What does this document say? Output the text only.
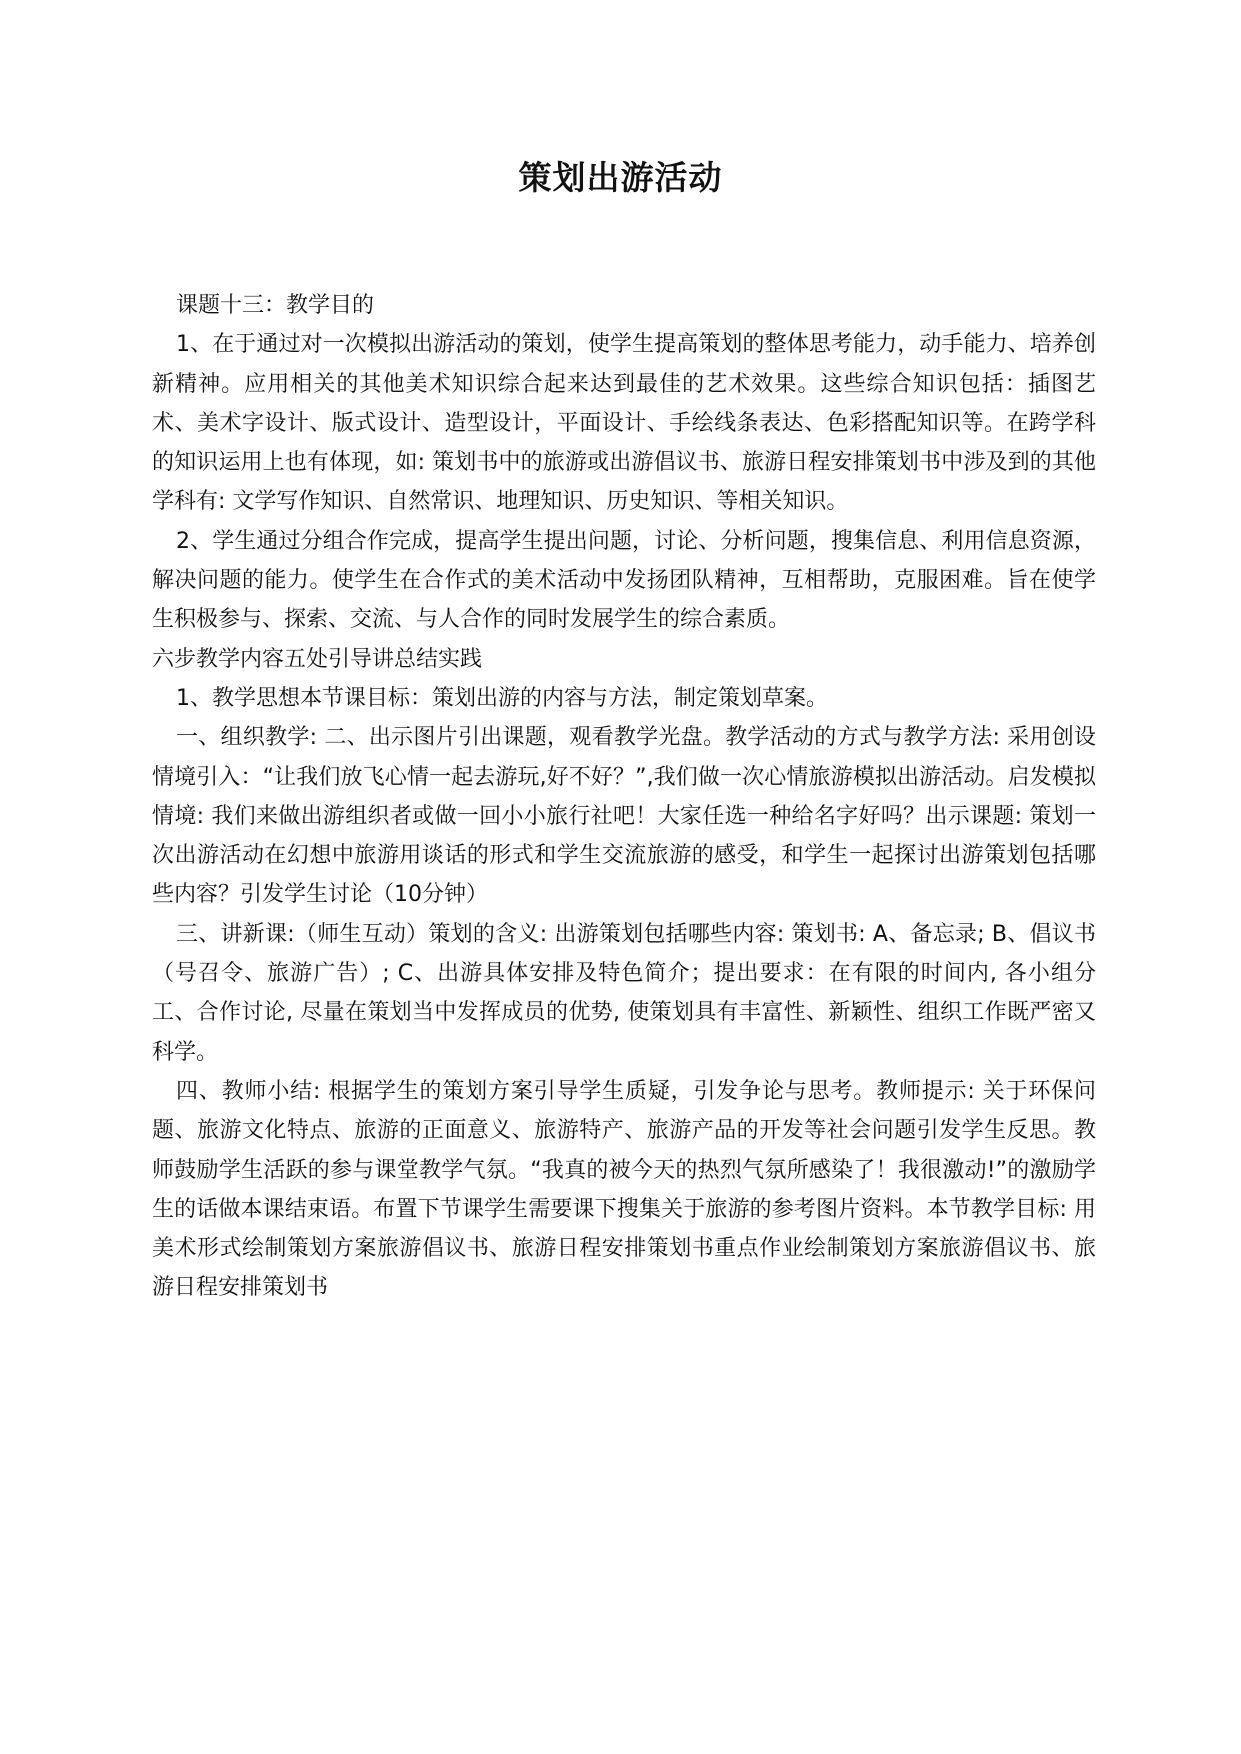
策划出游活动

课题十三：教学目的

1、在于通过对一次模拟出游活动的策划，使学生提高策划的整体思考能力，动手能力、培养创新精神。应用相关的其他美术知识综合起来达到最佳的艺术效果。这些综合知识包括：插图艺术、美术字设计、版式设计、造型设计，平面设计、手绘线条表达、色彩搭配知识等。在跨学科的知识运用上也有体现，如: 策划书中的旅游或出游倡议书、旅游日程安排策划书中涉及到的其他学科有: 文学写作知识、自然常识、地理知识、历史知识、等相关知识。

2、学生通过分组合作完成，提高学生提出问题，讨论、分析问题，搜集信息、利用信息资源，解决问题的能力。使学生在合作式的美术活动中发扬团队精神，互相帮助，克服困难。旨在使学生积极参与、探索、交流、与人合作的同时发展学生的综合素质。

六步教学内容五处引导讲总结实践

1、教学思想本节课目标：策划出游的内容与方法，制定策划草案。

一、组织教学: 二、出示图片引出课题，观看教学光盘。教学活动的方式与教学方法: 采用创设情境引入：“让我们放飞心情一起去游玩,好不好？”,我们做一次心情旅游模拟出游活动。启发模拟情境: 我们来做出游组织者或做一回小小旅行社吧！大家任选一种给名字好吗？出示课题: 策划一次出游活动在幻想中旅游用谈话的形式和学生交流旅游的感受，和学生一起探讨出游策划包括哪些内容？引发学生讨论（10分钟）

三、讲新课:（师生互动）策划的含义: 出游策划包括哪些内容: 策划书: A、备忘录; B、倡议书（号召令、旅游广告）; C、出游具体安排及特色简介；提出要求：在有限的时间内, 各小组分工、合作讨论, 尽量在策划当中发挥成员的优势, 使策划具有丰富性、新颖性、组织工作既严密又科学。

四、教师小结: 根据学生的策划方案引导学生质疑，引发争论与思考。教师提示: 关于环保问题、旅游文化特点、旅游的正面意义、旅游特产、旅游产品的开发等社会问题引发学生反思。教师鼓励学生活跃的参与课堂教学气氛。“我真的被今天的热烈气氛所感染了！我很激动!”的激励学生的话做本课结束语。布置下节课学生需要课下搜集关于旅游的参考图片资料。本节教学目标: 用美术形式绘制策划方案旅游倡议书、旅游日程安排策划书重点作业绘制策划方案旅游倡议书、旅游日程安排策划书
